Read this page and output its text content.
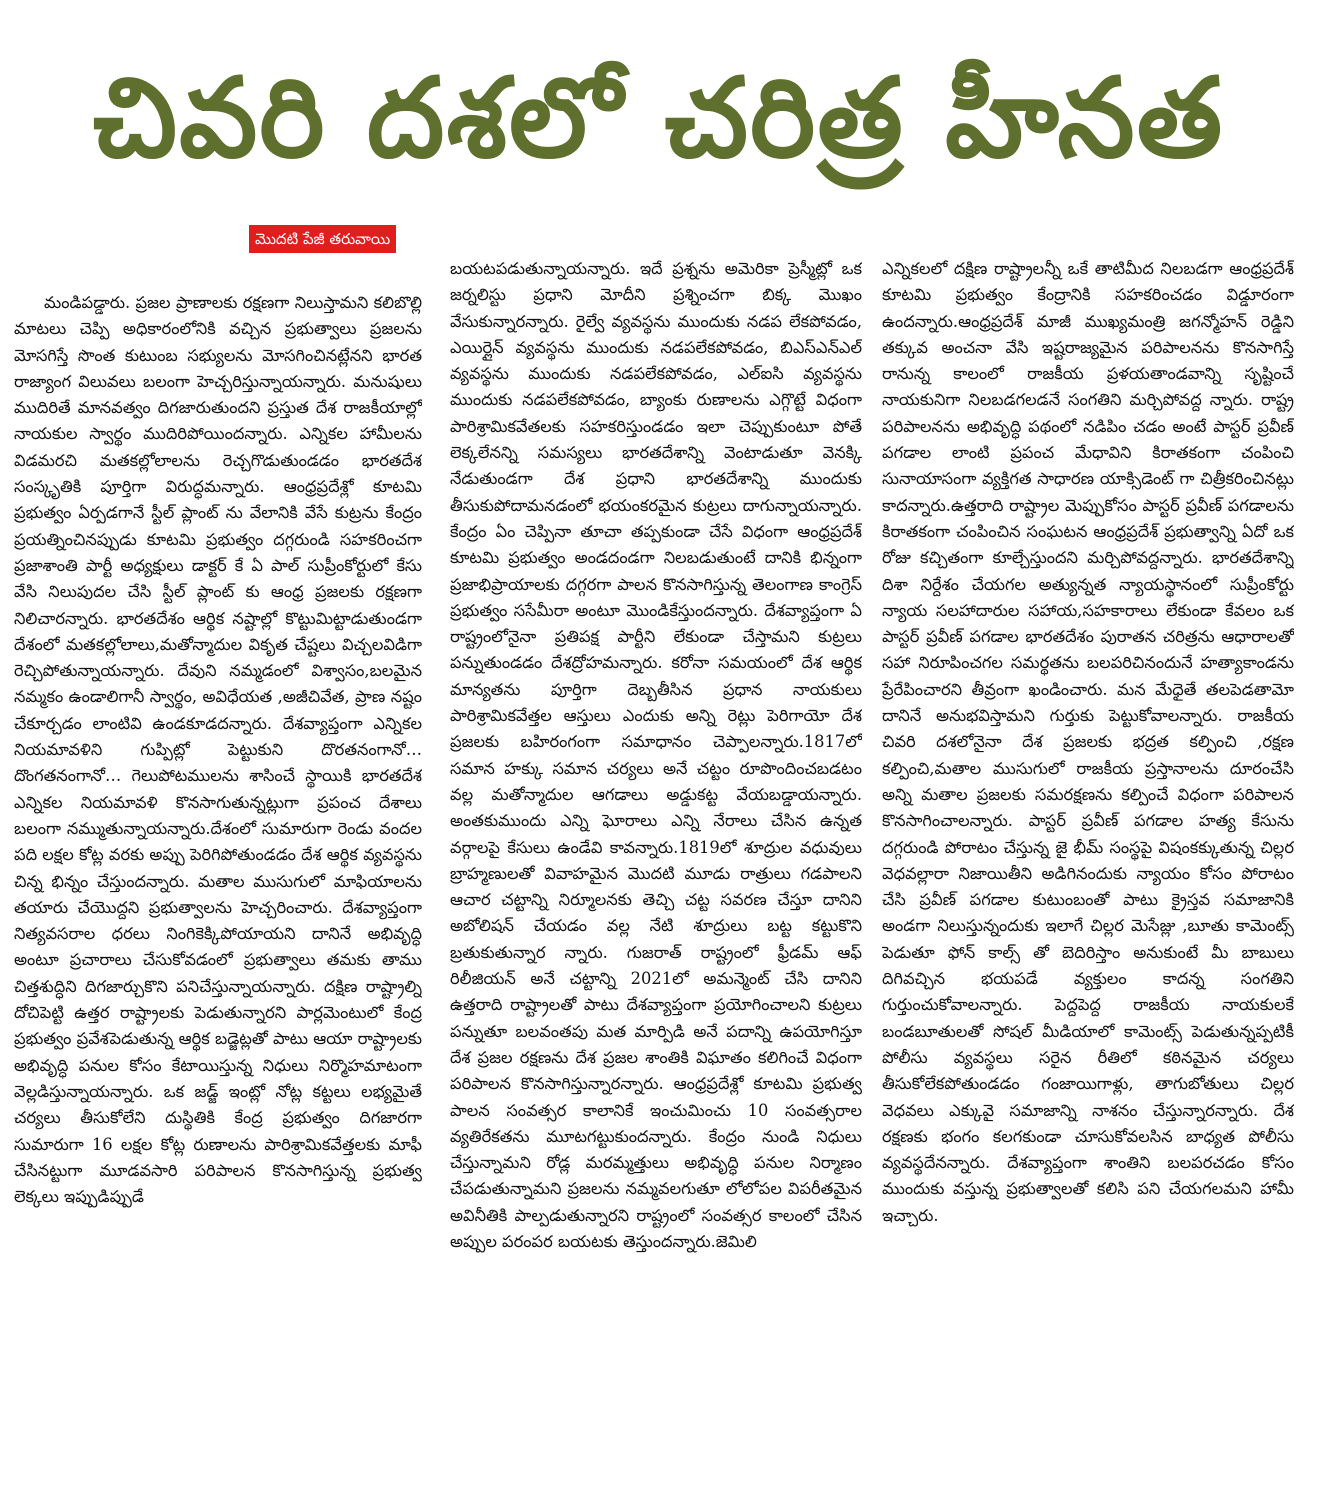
చివరి దశలో చరిత్ర హీనత
మొదటి పేజీ తరువాయి

మండిపడ్డారు. ప్రజల ప్రాణాలకు రక్షణగా నిలుస్తామని కలిబొల్లి మాటలు చెప్పి అధికారంలోనికి వచ్చిన ప్రభుత్వాలు ప్రజలను మోసగిస్తే సొంత కుటుంబ సభ్యులను మోసగించినట్లేనని భారత రాజ్యాంగ విలువలు బలంగా హెచ్చరిస్తున్నాయన్నారు. మనుషులు ముదిరితే మానవత్వం దిగజారుతుందని ప్రస్తుత దేశ రాజకీయాల్లో నాయకుల స్వార్థం ముదిరిపోయిందన్నారు. ఎన్నికల హామీలను విడమరచి మతకల్లోలాలను రెచ్చగొడుతుండడం భారతదేశ సంస్కృతికి పూర్తిగా విరుద్ధమన్నారు. ఆంధ్రప్రదేశ్లో కూటమి ప్రభుత్వం ఏర్పడగానే స్టీల్ ప్లాంట్ ను వేలానికి వేసే కుట్రను కేంద్రం ప్రయత్నించినప్పుడు కూటమి ప్రభుత్వం దగ్గరుండి సహకరించగా ప్రజాశాంతి పార్టీ అధ్యక్షులు డాక్టర్ కే ఏ పాల్ సుప్రీంకోర్టులో కేసు వేసి నిలుపుదల చేసి స్టీల్ ప్లాంట్ కు ఆంధ్ర ప్రజలకు రక్షణగా నిలిచారన్నారు. భారతదేశం ఆర్థిక నష్టాల్లో కొట్టుమిట్టాడుతుండగా దేశంలో మతకల్లోలాలు,మతోన్మాదుల వికృత చేష్టలు విచ్చలవిడిగా రెచ్చిపోతున్నాయన్నారు. దేవుని నమ్మడంలో విశ్వాసం,బలమైన నమ్మకం ఉండాలిగానీ స్వార్థం, అవిధేయత ,అజీచివేత, ప్రాణ నష్టం చేకూర్చడం లాంటివి ఉండకూడదన్నారు. దేశవ్యాప్తంగా ఎన్నికల నియమావళిని గుప్పిట్లో పెట్టుకుని దొరతనంగానో…దొంగతనంగానో… గెలుపోటములను శాసించే స్థాయికి భారతదేశ ఎన్నికల నియమావళి కొనసాగుతున్నట్లుగా ప్రపంచ దేశాలు బలంగా నమ్ముతున్నాయన్నారు.దేశంలో సుమారుగా రెండు వందల పది లక్షల కోట్ల వరకు అప్పు పెరిగిపోతుండడం దేశ ఆర్థిక వ్యవస్థను చిన్న భిన్నం చేస్తుందన్నారు. మతాల ముసుగులో మాఫియాలను తయారు చేయొద్దని ప్రభుత్వాలను హెచ్చరించారు. దేశవ్యాప్తంగా నిత్యవసరాల ధరలు నింగికెక్కిపోయాయని దానినే అభివృద్ధి అంటూ ప్రచారాలు చేసుకోవడంలో ప్రభుత్వాలు తమకు తాము చిత్తశుద్ధిని దిగజార్చుకొని పనిచేస్తున్నాయన్నారు. దక్షిణ రాష్ట్రాల్ని దోచిపెట్టి ఉత్తర రాష్ట్రాలకు పెడుతున్నారని పార్లమెంటులో కేంద్ర ప్రభుత్వం ప్రవేశపెడుతున్న ఆర్థిక బడ్జెట్లతో పాటు ఆయా రాష్ట్రాలకు అభివృద్ధి పనుల కోసం కేటాయిస్తున్న నిధులు నిర్మొహమాటంగా వెల్లడిస్తున్నాయన్నారు. ఒక జడ్జ్ ఇంట్లో నోట్ల కట్టలు లభ్యమైతే చర్యలు తీసుకోలేని దుస్థితికి కేంద్ర ప్రభుత్వం దిగజారగా సుమారుగా 16 లక్షల కోట్ల రుణాలను పారిశ్రామికవేత్తలకు మాఫీ చేసినట్టుగా మూడవసారి పరిపాలన కొనసాగిస్తున్న ప్రభుత్వ లెక్కలు ఇప్పుడిప్పుడే

బయటపడుతున్నాయన్నారు. ఇదే ప్రశ్నను అమెరికా ప్రెస్మీట్లో ఒక జర్నలిస్టు ప్రధాని మోదీని ప్రశ్నించగా బిక్క మొఖం వేసుకున్నారన్నారు. రైల్వే వ్యవస్థను ముందుకు నడప లేకపోవడం, ఎయిర్లైన్ వ్యవస్థను ముందుకు నడపలేకపోవడం, బిఎస్ఎన్ఎల్ వ్యవస్థను ముందుకు నడపలేకపోవడం, ఎల్ఐసి వ్యవస్థను ముందుకు నడపలేకపోవడం, బ్యాంకు రుణాలను ఎగ్గొట్టే విధంగా పారిశ్రామికవేతలకు సహకరిస్తుండడం ఇలా చెప్పుకుంటూ పోతే లెక్కలేనన్ని సమస్యలు భారతదేశాన్ని వెంటాడుతూ వెనక్కి నేడుతుండగా దేశ ప్రధాని భారతదేశాన్ని ముందుకు తీసుకుపోదామనడంలో భయంకరమైన కుట్రలు దాగున్నాయన్నారు. కేంద్రం ఏం చెప్పినా తూచా తప్పకుండా చేసే విధంగా ఆంధ్రప్రదేశ్ కూటమి ప్రభుత్వం అండదండగా నిలబడుతుంటే దానికి భిన్నంగా ప్రజాభిప్రాయాలకు దగ్గరగా పాలన కొనసాగిస్తున్న తెలంగాణ కాంగ్రెస్ ప్రభుత్వం ససేమీరా అంటూ మొండికేస్తుందన్నారు. దేశవ్యాప్తంగా ఏ రాష్ట్రంలోనైనా ప్రతిపక్ష పార్టీని లేకుండా చేస్తామని కుట్రలు పన్నుతుండడం దేశద్రోహమన్నారు. కరోనా సమయంలో దేశ ఆర్థిక మాన్యతను పూర్తిగా దెబ్బతీసిన ప్రధాన నాయకులు పారిశ్రామికవేత్తల ఆస్తులు ఎందుకు అన్ని రెట్లు పెరిగాయో దేశ ప్రజలకు బహిరంగంగా సమాధానం చెప్పాలన్నారు.1817లో సమాన హక్కు సమాన చర్యలు అనే చట్టం రూపొందించబడటం వల్ల మతోన్మాదుల ఆగడాలు అడ్డుకట్ట వేయబడ్డాయన్నారు. అంతకుముందు ఎన్ని ఘోరాలు ఎన్ని నేరాలు చేసిన ఉన్నత వర్గాలపై కేసులు ఉండేవి కావన్నారు.1819లో శూద్రుల వధువులు బ్రాహ్మణులతో వివాహమైన మొదటి మూడు రాత్రులు గడపాలని ఆచార చట్టాన్ని నిర్మూలనకు తెచ్చి చట్ట సవరణ చేస్తూ దానిని అబోలిషన్ చేయడం వల్ల నేటి శూద్రులు బట్ట కట్టుకొని బ్రతుకుతున్నార న్నారు. గుజరాత్ రాష్ట్రంలో ఫ్రీడమ్ ఆఫ్ రిలీజియన్ అనే చట్టాన్ని 2021లో అమన్మెంట్ చేసి దానిని ఉత్తరాది రాష్ట్రాలతో పాటు దేశవ్యాప్తంగా ప్రయోగించాలని కుట్రలు పన్నుతూ బలవంతపు మత మార్పిడి అనే పదాన్ని ఉపయోగిస్తూ దేశ ప్రజల రక్షణను దేశ ప్రజల శాంతికి విఘాతం కలిగించే విధంగా పరిపాలన కొనసాగిస్తున్నారన్నారు. ఆంధ్రప్రదేశ్లో కూటమి ప్రభుత్వ పాలన సంవత్సర కాలానికే ఇంచుమించు 10 సంవత్సరాల వ్యతిరేకతను మూటగట్టుకుందన్నారు. కేంద్రం నుండి నిధులు చేస్తున్నామని రోడ్ల మరమ్మత్తులు అభివృద్ధి పనుల నిర్మాణం చేపడుతున్నామని ప్రజలను నమ్మవలగుతూ లోలోపల విపరీతమైన అవినీతికి పాల్పడుతున్నారని రాష్ట్రంలో సంవత్సర కాలంలో చేసిన అప్పుల పరంపర బయటకు తెస్తుందన్నారు.జెమిలి

ఎన్నికలలో దక్షిణ రాష్ట్రాలన్నీ ఒకే తాటిమీద నిలబడగా ఆంధ్రప్రదేశ్ కూటమి ప్రభుత్వం కేంద్రానికి సహకరించడం విడ్డూరంగా ఉందన్నారు.ఆంధ్రప్రదేశ్ మాజీ ముఖ్యమంత్రి జగన్మోహన్ రెడ్డిని తక్కువ అంచనా వేసి ఇష్టరాజ్యమైన పరిపాలనను కొనసాగిస్తే రానున్న కాలంలో రాజకీయ ప్రళయతాండవాన్ని సృష్టించే నాయకునిగా నిలబడగలడనే సంగతిని మర్చిపోవద్ద న్నారు. రాష్ట్ర పరిపాలనను అభివృద్ధి పథంలో నడిపిం చడం అంటే పాస్టర్ ప్రవీణ్ పగడాల లాంటి ప్రపంచ మేధావిని కిరాతకంగా చంపించి సునాయాసంగా వ్యక్తిగత సాధారణ యాక్సిడెంట్ గా చిత్రీకరించినట్లు కాదన్నారు.ఉత్తరాది రాష్ట్రాల మెప్పుకోసం పాస్టర్ ప్రవీణ్ పగడాలను కిరాతకంగా చంపించిన సంఘటన ఆంధ్రప్రదేశ్ ప్రభుత్వాన్ని ఏదో ఒక రోజు కచ్చితంగా కూల్చేస్తుందని మర్చిపోవద్దన్నారు. భారతదేశాన్ని దిశా నిర్దేశం చేయగల అత్యున్నత న్యాయస్థానంలో సుప్రీంకోర్టు న్యాయ సలహాదారుల సహాయ,సహకారాలు లేకుండా కేవలం ఒక పాస్టర్ ప్రవీణ్ పగడాల భారతదేశం పురాతన చరిత్రను ఆధారాలతో సహా నిరూపించగల సమర్థతను బలపరిచినందునే హత్యాకాండను ప్రేరేపించారని తీవ్రంగా ఖండించారు. మన మేధైతే తలపెడతామో దానినే అనుభవిస్తామని గుర్తుకు పెట్టుకోవాలన్నారు. రాజకీయ చివరి దశలోనైనా దేశ ప్రజలకు భద్రత కల్పించి ,రక్షణ కల్పించి,మతాల ముసుగులో రాజకీయ ప్రస్తానాలను దూరంచేసి అన్ని మతాల ప్రజలకు సమరక్షణను కల్పించే విధంగా పరిపాలన కొనసాగించాలన్నారు. పాస్టర్ ప్రవీణ్ పగడాల హత్య కేసును దగ్గరుండి పోరాటం చేస్తున్న జై భీమ్ సంస్థపై విషంకక్కుతున్న చిల్లర వెధవల్లారా నిజాయితీని అడిగినందుకు న్యాయం కోసం పోరాటం చేసి ప్రవీణ్ పగడాల కుటుంబంతో పాటు క్రైస్తవ సమాజానికి అండగా నిలుస్తున్నందుకు ఇలాగే చిల్లర మెసేజ్లు ,బూతు కామెంట్స్ పెడుతూ ఫోన్ కాల్స్ తో బెదిరిస్తాం అనుకుంటే మీ బాబులు దిగివచ్చిన భయపడే వ్యక్తులం కాదన్న సంగతిని గుర్తుంచుకోవాలన్నారు. పెద్దపెద్ద రాజకీయ నాయకులకే బండబూతులతో సోషల్ మీడియాలో కామెంట్స్ పెడుతున్నప్పటికీ పోలీసు వ్యవస్థలు సరైన రీతిలో కఠినమైన చర్యలు తీసుకోలేకపోతుండడం గంజాయిగాళ్లు, తాగుబోతులు చిల్లర వెధవలు ఎక్కువై సమాజాన్ని నాశనం చేస్తున్నారన్నారు. దేశ రక్షణకు భంగం కలగకుండా చూసుకోవలసిన బాధ్యత పోలీసు వ్యవస్థదేనన్నారు. దేశవ్యాప్తంగా శాంతిని బలపరచడం కోసం ముందుకు వస్తున్న ప్రభుత్వాలతో కలిసి పని చేయగలమని హామీ ఇచ్చారు.
